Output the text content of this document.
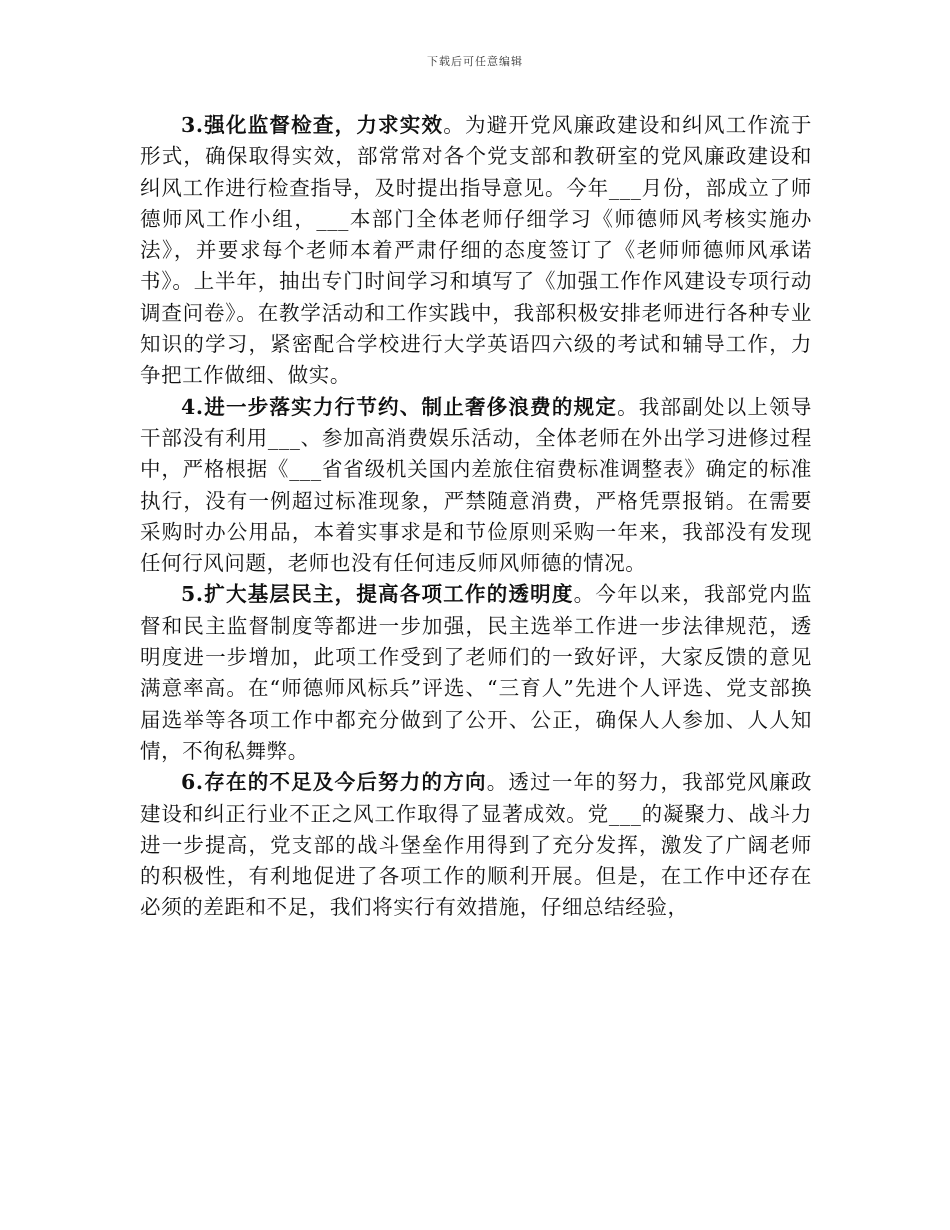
下载后可任意编辑

3.强化监督检查，力求实效。为避开党风廉政建设和纠风工作流于形式，确保取得实效，部常常对各个党支部和教研室的党风廉政建设和纠风工作进行检查指导，及时提出指导意见。今年___月份，部成立了师德师风工作小组，___本部门全体老师仔细学习《师德师风考核实施办法》，并要求每个老师本着严肃仔细的态度签订了《老师师德师风承诺书》。上半年，抽出专门时间学习和填写了《加强工作作风建设专项行动调查问卷》。在教学活动和工作实践中，我部积极安排老师进行各种专业知识的学习，紧密配合学校进行大学英语四六级的考试和辅导工作，力争把工作做细、做实。

4.进一步落实力行节约、制止奢侈浪费的规定。我部副处以上领导干部没有利用___、参加高消费娱乐活动，全体老师在外出学习进修过程中，严格根据《___省省级机关国内差旅住宿费标准调整表》确定的标准执行，没有一例超过标准现象，严禁随意消费，严格凭票报销。在需要采购时办公用品，本着实事求是和节俭原则采购一年来，我部没有发现任何行风问题，老师也没有任何违反师风师德的情况。

5.扩大基层民主，提高各项工作的透明度。今年以来，我部党内监督和民主监督制度等都进一步加强，民主选举工作进一步法律规范，透明度进一步增加，此项工作受到了老师们的一致好评，大家反馈的意见满意率高。在“师德师风标兵”评选、“三育人”先进个人评选、党支部换届选举等各项工作中都充分做到了公开、公正，确保人人参加、人人知情，不徇私舞弊。

6.存在的不足及今后努力的方向。透过一年的努力，我部党风廉政建设和纠正行业不正之风工作取得了显著成效。党___的凝聚力、战斗力进一步提高，党支部的战斗堡垒作用得到了充分发挥，激发了广阔老师的积极性，有利地促进了各项工作的顺利开展。但是，在工作中还存在必须的差距和不足，我们将实行有效措施，仔细总结经验，
